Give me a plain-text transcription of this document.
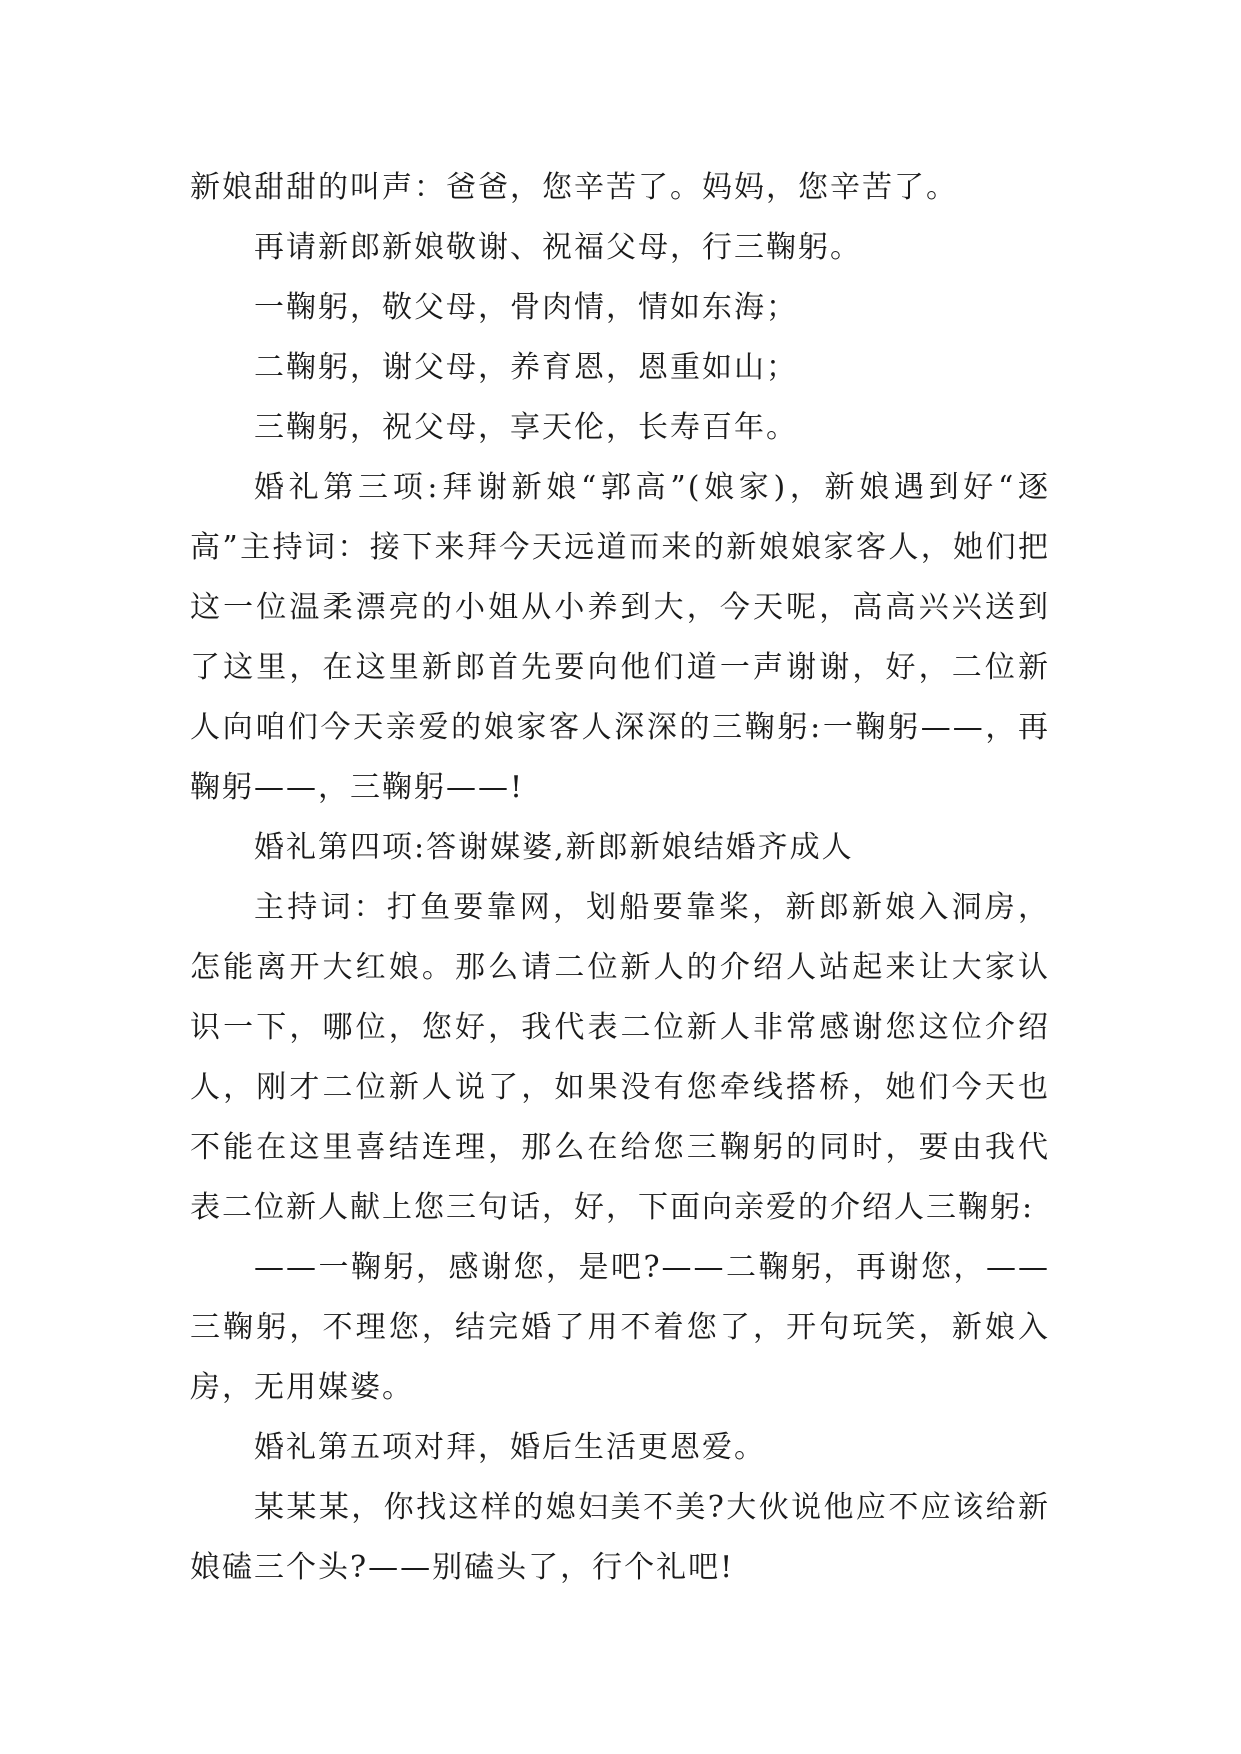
新娘甜甜的叫声：爸爸，您辛苦了。妈妈，您辛苦了。

再请新郎新娘敬谢、祝福父母，行三鞠躬。

一鞠躬，敬父母，骨肉情，情如东海；

二鞠躬，谢父母，养育恩，恩重如山；

三鞠躬，祝父母，享天伦，长寿百年。

婚礼第三项:拜谢新娘“郭高”(娘家)，新娘遇到好“逐高”主持词：接下来拜今天远道而来的新娘娘家客人，她们把这一位温柔漂亮的小姐从小养到大，今天呢，高高兴兴送到了这里，在这里新郎首先要向他们道一声谢谢，好，二位新人向咱们今天亲爱的娘家客人深深的三鞠躬:一鞠躬——，再鞠躬——，三鞠躬——!

婚礼第四项:答谢媒婆,新郎新娘结婚齐成人

主持词：打鱼要靠网，划船要靠桨，新郎新娘入洞房，怎能离开大红娘。那么请二位新人的介绍人站起来让大家认识一下，哪位，您好，我代表二位新人非常感谢您这位介绍人，刚才二位新人说了，如果没有您牵线搭桥，她们今天也不能在这里喜结连理，那么在给您三鞠躬的同时，要由我代表二位新人献上您三句话，好，下面向亲爱的介绍人三鞠躬:

——一鞠躬，感谢您，是吧?——二鞠躬，再谢您，——三鞠躬，不理您，结完婚了用不着您了，开句玩笑，新娘入房，无用媒婆。

婚礼第五项对拜，婚后生活更恩爱。

某某某，你找这样的媳妇美不美?大伙说他应不应该给新娘磕三个头?——别磕头了，行个礼吧!
